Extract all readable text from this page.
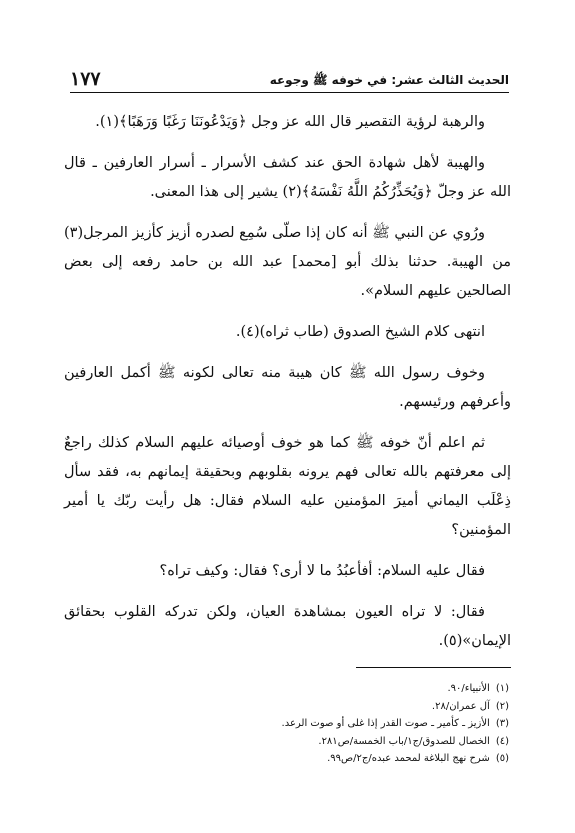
الحديث الثالث عشر: في خوفه ﷺ وجوعه
١٧٧

والرهبة لرؤية التقصير قال الله عز وجل ﴿وَيَدْعُونَنَا رَغَبًا وَرَهَبًا﴾(١).

والهيبة لأهل شهادة الحق عند كشف الأسرار ـ أسرار العارفين ـ قال الله عز وجلّ ﴿وَيُحَذِّرُكُمُ اللَّهُ نَفْسَهُ﴾(٢) يشير إلى هذا المعنى.

ورُوي عن النبي ﷺ أنه كان إذا صلّى سُمِع لصدره أزيز كأزيز المرجل(٣) من الهيبة. حدثنا بذلك أبو [محمد] عبد الله بن حامد رفعه إلى بعض الصالحين عليهم السلام».

انتهى كلام الشيخ الصدوق (طاب ثراه)(٤).

وخوف رسول الله ﷺ كان هيبة منه تعالى لكونه ﷺ أكمل العارفين وأعرفهم ورئيسهم.

ثم اعلم أنّ خوفه ﷺ كما هو خوف أوصيائه عليهم السلام كذلك راجعٌ إلى معرفتهم بالله تعالى فهم يرونه بقلوبهم وبحقيقة إيمانهم به، فقد سأل ذِعْلَب اليماني أميرَ المؤمنين عليه السلام فقال: هل رأيت ربّك يا أمير المؤمنين؟

فقال عليه السلام: أفأعبُدُ ما لا أرى؟ فقال: وكيف تراه؟

فقال: لا تراه العيون بمشاهدة العيان، ولكن تدركه القلوب بحقائق الإيمان»(٥).

(١)الأنبياء/٩٠.
(٢)آل عمران/٢٨.
(٣)الأزيز ـ كأمير ـ صوت القدر إذا غلى أو صوت الرعد.
(٤)الخصال للصدوق/ج١/باب الخمسة/ص٢٨١.
(٥)شرح نهج البلاغة لمحمد عبده/ج٢/ص٩٩.
